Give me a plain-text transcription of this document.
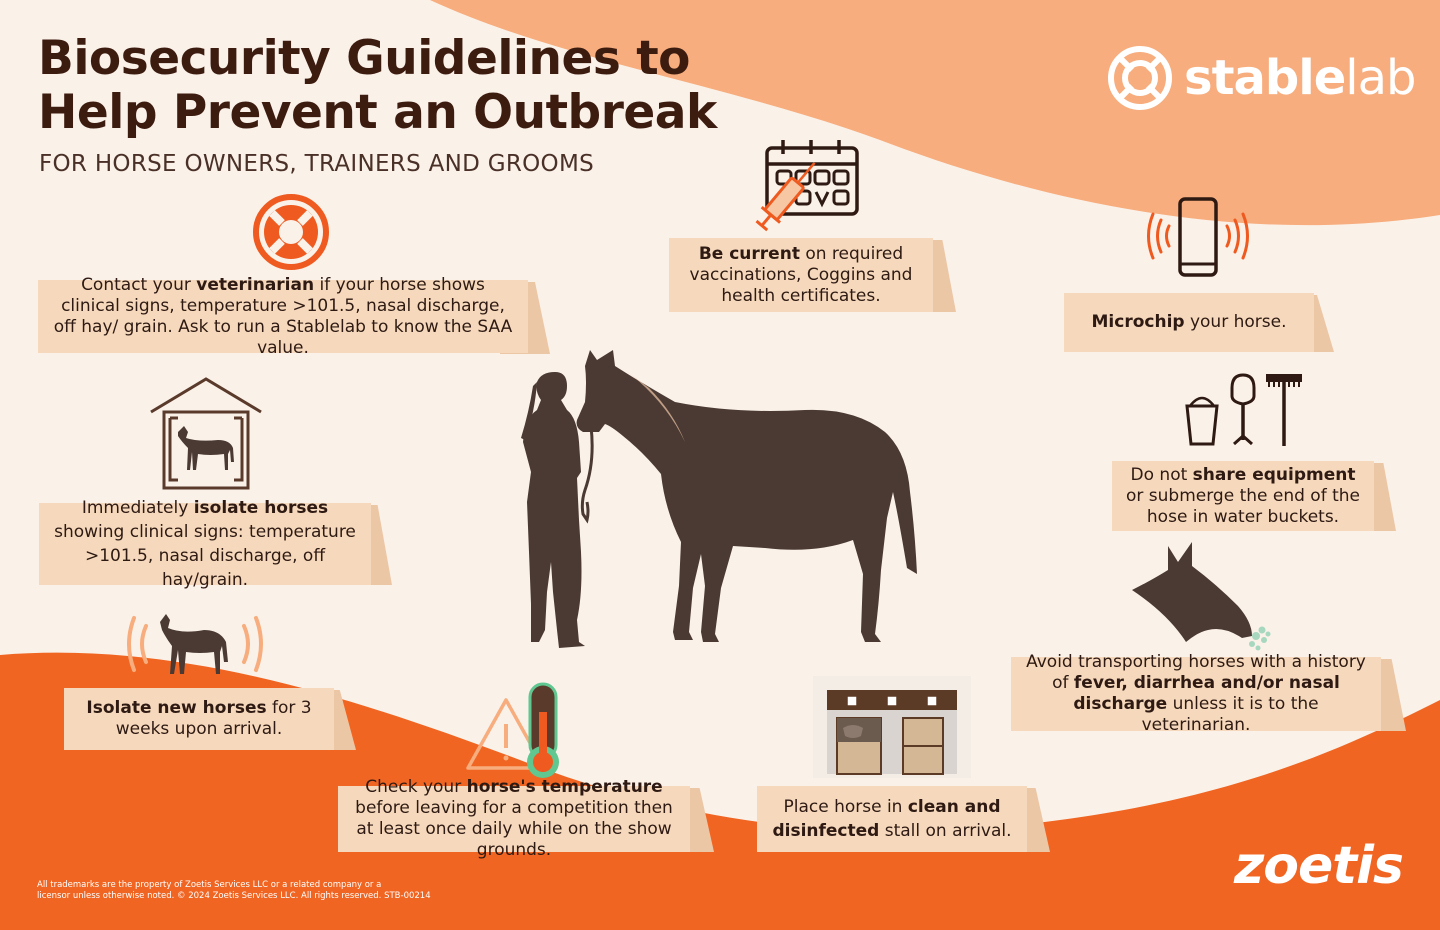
Biosecurity Guidelines to
Help Prevent an Outbreak
FOR HORSE OWNERS, TRAINERS AND GROOMS
stablelab
Contact your veterinarian if your horse shows clinical signs, temperature >101.5, nasal discharge, off hay/ grain. Ask to run a Stablelab to know the SAA value.
Be current on required vaccinations, Coggins and health certificates.
Microchip your horse.
Immediately isolate horses showing clinical signs: temperature >101.5, nasal discharge, off hay/grain.
Do not share equipment or submerge the end of the hose in water buckets.
Avoid transporting horses with a history of fever, diarrhea and/or nasal discharge unless it is to the veterinarian.
Isolate new horses for 3 weeks upon arrival.
Check your horse's temperature before leaving for a competition then at least once daily while on the show grounds.
Place horse in clean and disinfected stall on arrival.
All trademarks are the property of Zoetis Services LLC or a related company or a
licensor unless otherwise noted. © 2024 Zoetis Services LLC. All rights reserved. STB-00214	zoetis
